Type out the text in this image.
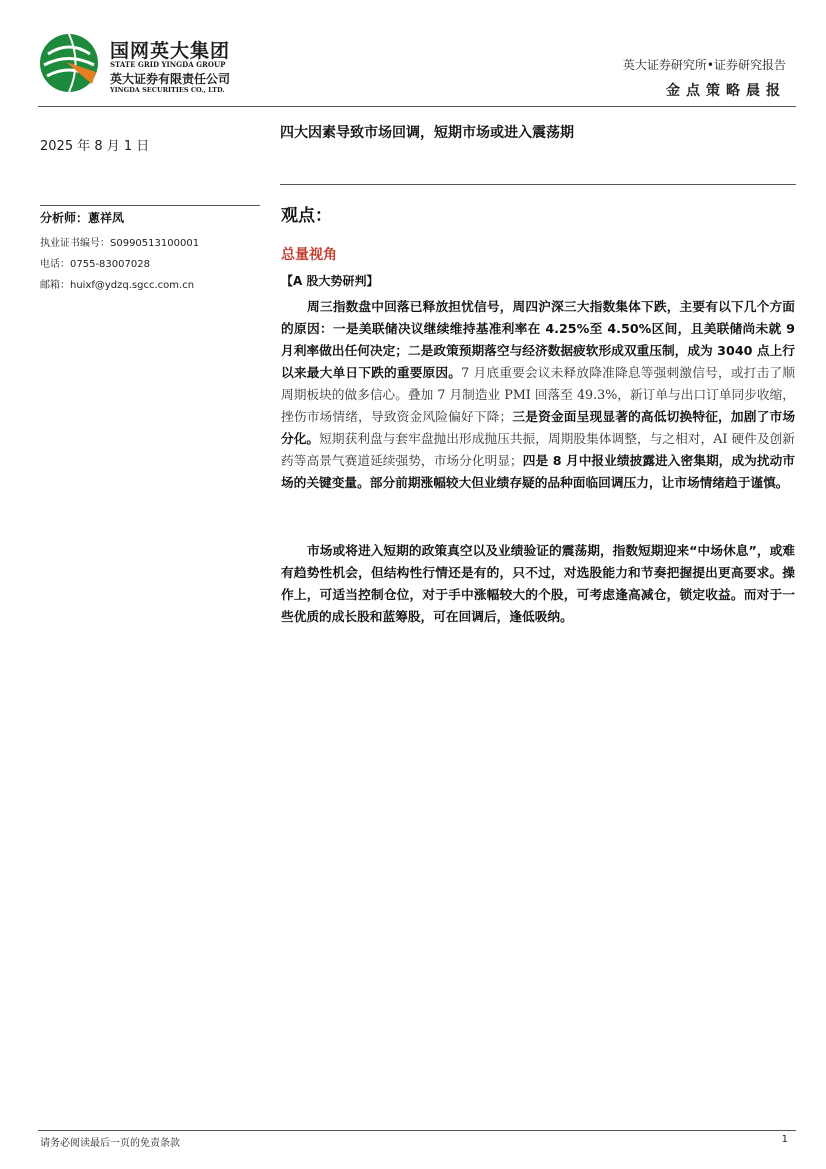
国网英大集团
STATE GRID YINGDA GROUP
英大证券有限责任公司
YINGDA SECURITIES CO., LTD.
英大证券研究所•证券研究报告
金点策略晨报
2025 年 8 月 1 日
四大因素导致市场回调，短期市场或进入震荡期
分析师：蔥祥凤
执业证书编号：S0990513100001
电话：0755-83007028
邮箱：huixf@ydzq.sgcc.com.cn
观点：
总量视角
【A 股大势研判】

周三指数盘中回落已释放担忧信号，周四沪深三大指数集体下跌，主要有以下几个方面的原因：一是美联储决议继续维持基准利率在 4.25%至 4.50%区间，且美联储尚未就 9 月利率做出任何决定；二是政策预期落空与经济数据疲软形成双重压制，成为 3040 点上行以来最大单日下跌的重要原因。7 月底重要会议未释放降准降息等强刺激信号，或打击了顺周期板块的做多信心。叠加 7 月制造业 PMI 回落至 49.3%，新订单与出口订单同步收缩，挫伤市场情绪，导致资金风险偏好下降；三是资金面呈现显著的高低切换特征，加剧了市场分化。短期获利盘与套牢盘抛出形成抛压共振，周期股集体调整，与之相对，AI 硬件及创新药等高景气赛道延续强势，市场分化明显；四是 8 月中报业绩披露进入密集期，成为扰动市场的关键变量。部分前期涨幅较大但业绩存疑的品种面临回调压力，让市场情绪趋于谨慎。

市场或将进入短期的政策真空以及业绩验证的震荡期，指数短期迎来“中场休息”，或难有趋势性机会，但结构性行情还是有的，只不过，对选股能力和节奏把握提出更高要求。操作上，可适当控制仓位，对于手中涨幅较大的个股，可考虑逢高减仓，锁定收益。而对于一些优质的成长股和蓝筹股，可在回调后，逢低吸纳。

请务必阅读最后一页的免责条款	1
